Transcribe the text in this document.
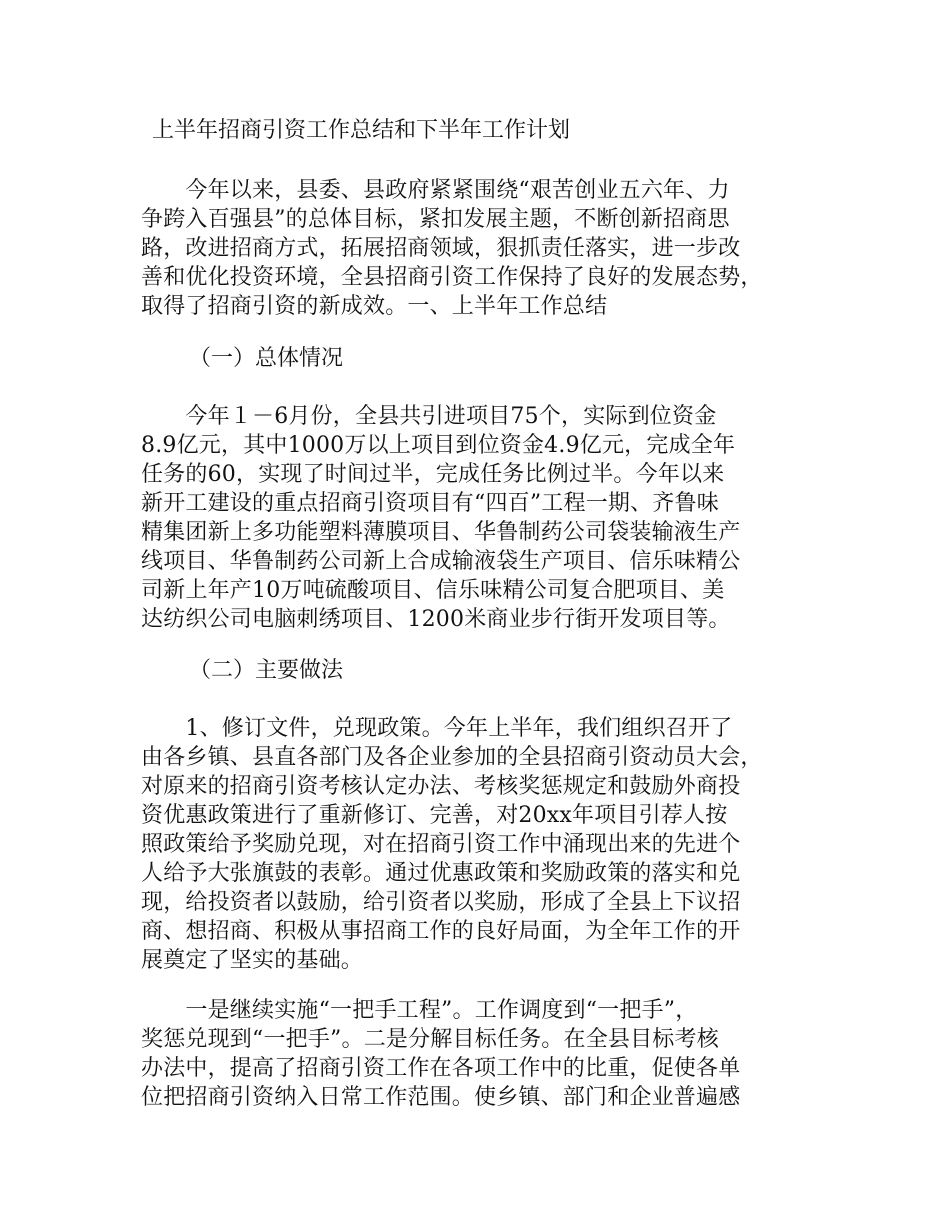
上半年招商引资工作总结和下半年工作计划
　　今年以来，县委、县政府紧紧围绕“艰苦创业五六年、力
争跨入百强县”的总体目标，紧扣发展主题，不断创新招商思
路，改进招商方式，拓展招商领域，狠抓责任落实，进一步改
善和优化投资环境，全县招商引资工作保持了良好的发展态势，
取得了招商引资的新成效。一、上半年工作总结
（一）总体情况
　　今年１－6月份，全县共引进项目75个，实际到位资金
8.9亿元，其中1000万以上项目到位资金4.9亿元，完成全年
任务的60，实现了时间过半，完成任务比例过半。今年以来
新开工建设的重点招商引资项目有“四百”工程一期、齐鲁味
精集团新上多功能塑料薄膜项目、华鲁制药公司袋装输液生产
线项目、华鲁制药公司新上合成输液袋生产项目、信乐味精公
司新上年产10万吨硫酸项目、信乐味精公司复合肥项目、美
达纺织公司电脑刺绣项目、1200米商业步行街开发项目等。
（二）主要做法
　　1、修订文件，兑现政策。今年上半年，我们组织召开了
由各乡镇、县直各部门及各企业参加的全县招商引资动员大会，
对原来的招商引资考核认定办法、考核奖惩规定和鼓励外商投
资优惠政策进行了重新修订、完善，对20xx年项目引荐人按
照政策给予奖励兑现，对在招商引资工作中涌现出来的先进个
人给予大张旗鼓的表彰。通过优惠政策和奖励政策的落实和兑
现，给投资者以鼓励，给引资者以奖励，形成了全县上下议招
商、想招商、积极从事招商工作的良好局面，为全年工作的开
展奠定了坚实的基础。
　　一是继续实施“一把手工程”。工作调度到“一把手”，
奖惩兑现到“一把手”。二是分解目标任务。在全县目标考核
办法中，提高了招商引资工作在各项工作中的比重，促使各单
位把招商引资纳入日常工作范围。使乡镇、部门和企业普遍感
